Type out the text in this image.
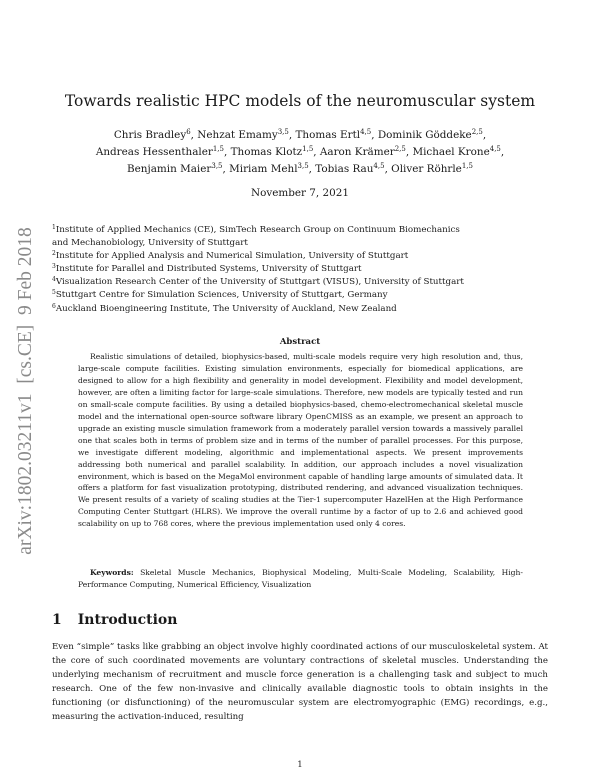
arXiv:1802.03211v1  [cs.CE]  9 Feb 2018
Towards realistic HPC models of the neuromuscular system
Chris Bradley$^6$, Nehzat Emamy$^{3,5}$, Thomas Ertl$^{4,5}$, Dominik Göddeke$^{2,5}$,
Andreas Hessenthaler$^{1,5}$, Thomas Klotz$^{1,5}$, Aaron Krämer$^{2,5}$, Michael Krone$^{4,5}$,
Benjamin Maier$^{3,5}$, Miriam Mehl$^{3,5}$, Tobias Rau$^{4,5}$, Oliver Röhrle$^{1,5}$
November 7, 2021
$^1$Institute of Applied Mechanics (CE), SimTech Research Group on Continuum Biomechanics
and Mechanobiology, University of Stuttgart
$^2$Institute for Applied Analysis and Numerical Simulation, University of Stuttgart
$^3$Institute for Parallel and Distributed Systems, University of Stuttgart
$^4$Visualization Research Center of the University of Stuttgart (VISUS), University of Stuttgart
$^5$Stuttgart Centre for Simulation Sciences, University of Stuttgart, Germany
$^6$Auckland Bioengineering Institute, The University of Auckland, New Zealand
Abstract

Realistic simulations of detailed, biophysics-based, multi-scale models require very high resolution and, thus, large-scale compute facilities. Existing simulation environments, especially for biomedical applications, are designed to allow for a high flexibility and generality in model development. Flexibility and model development, however, are often a limiting factor for large-scale simulations. Therefore, new models are typically tested and run on small-scale compute facilities. By using a detailed biophysics-based, chemo-electromechanical skeletal muscle model and the international open-source software library OpenCMISS as an example, we present an approach to upgrade an existing muscle simulation framework from a moderately parallel version towards a massively parallel one that scales both in terms of problem size and in terms of the number of parallel processes. For this purpose, we investigate different modeling, algorithmic and implementational aspects. We present improvements addressing both numerical and parallel scalability. In addition, our approach includes a novel visualization environment, which is based on the MegaMol environment capable of handling large amounts of simulated data. It offers a platform for fast visualization prototyping, distributed rendering, and advanced visualization techniques. We present results of a variety of scaling studies at the Tier-1 supercomputer HazelHen at the High Performance Computing Center Stuttgart (HLRS). We improve the overall runtime by a factor of up to 2.6 and achieved good scalability on up to 768 cores, where the previous implementation used only 4 cores.

Keywords: Skeletal Muscle Mechanics, Biophysical Modeling, Multi-Scale Modeling, Scalability, High-Performance Computing, Numerical Efficiency, Visualization

1 Introduction

Even “simple” tasks like grabbing an object involve highly coordinated actions of our musculoskeletal system. At the core of such coordinated movements are voluntary contractions of skeletal muscles. Understanding the underlying mechanism of recruitment and muscle force generation is a challenging task and subject to much research. One of the few non-invasive and clinically available diagnostic tools to obtain insights in the functioning (or disfunctioning) of the neuromuscular system are electromyographic (EMG) recordings, e.g., measuring the activation-induced, resulting

1
